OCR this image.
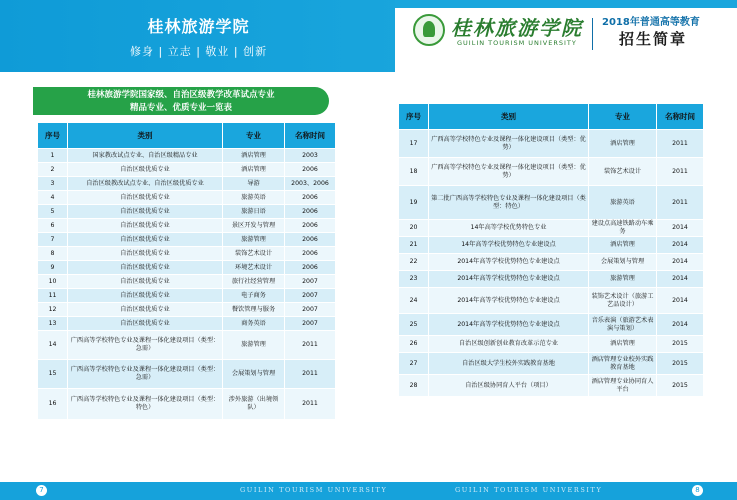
桂林旅游学院
修身 | 立志 | 敬业 | 创新
桂林旅游学院
GUILIN TOURISM UNIVERSITY
2018年普通高等教育
招生简章
桂林旅游学院国家级、自治区级教学改革试点专业
精品专业、优质专业一览表
序号	类别	专业	名称时间
1	国家教改试点专业、自治区级精品专业	酒店管理	2003
2	自治区级优质专业	酒店管理	2006
3	自治区级教改试点专业、自治区级优质专业	导游	2003、2006
4	自治区级优质专业	旅游英语	2006
5	自治区级优质专业	旅游日语	2006
6	自治区级优质专业	景区开发与管理	2006
7	自治区级优质专业	旅游管理	2006
8	自治区级优质专业	装饰艺术设计	2006
9	自治区级优质专业	环境艺术设计	2006
10	自治区级优质专业	旅行社经营管理	2007
11	自治区级优质专业	电子商务	2007
12	自治区级优质专业	餐饮管理与服务	2007
13	自治区级优质专业	商务英语	2007
14	广西高等学校特色专业及课程一体化建设项目（类型：急需）	旅游管理	2011
15	广西高等学校特色专业及课程一体化建设项目（类型：急需）	会展策划与管理	2011
16	广西高等学校特色专业及课程一体化建设项目（类型：特色）	涉外旅游（出境领队）	2011
序号	类别	专业	名称时间
17	广西高等学校特色专业及课程一体化建设项目（类型：优势）	酒店管理	2011
18	广西高等学校特色专业及课程一体化建设项目（类型：优势）	装饰艺术设计	2011
19	第二批广西高等学校特色专业及课程一体化建设项目（类型：特色）	旅游英语	2011
20	14年高等学校优势特色专业	建设点高速铁路动车乘务	2014
21	14年高等学校优势特色专业建设点	酒店管理	2014
22	2014年高等学校优势特色专业建设点	会展策划与管理	2014
23	2014年高等学校优势特色专业建设点	旅游管理	2014
24	2014年高等学校优势特色专业建设点	装饰艺术设计（旅游工艺品设计）	2014
25	2014年高等学校优势特色专业建设点	音乐表演（旅游艺术表演与策划）	2014
26	自治区级创新创业教育改革示范专业	酒店管理	2015
27	自治区级大学生校外实践教育基地	酒店管理专业校外实践教育基地	2015
28	自治区级协同育人平台（项目）	酒店管理专业协同育人平台	2015
7	GUILIN TOURISM UNIVERSITY	GUILIN TOURISM UNIVERSITY	8
